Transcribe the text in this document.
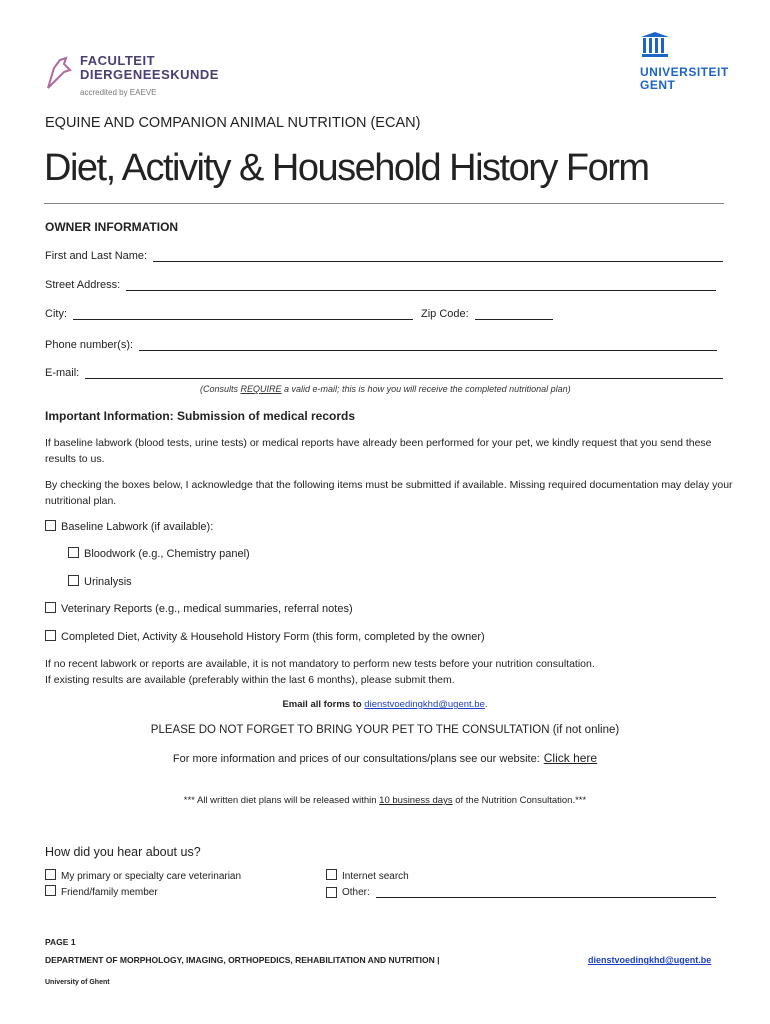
FACULTEIT
DIERGENEESKUNDE
accredited by EAEVE
UNIVERSITEIT
GENT
EQUINE AND COMPANION ANIMAL NUTRITION (ECAN)
Diet, Activity & Household History Form
OWNER INFORMATION
First and Last Name:
Street Address:
City:	Zip Code:
Phone number(s):
E-mail:
(Consults REQUIRE a valid e-mail; this is how you will receive the completed nutritional plan)
Important Information: Submission of medical records
If baseline labwork (blood tests, urine tests) or medical reports have already been performed for your pet, we kindly request that you send these results to us.
By checking the boxes below, I acknowledge that the following items must be submitted if available. Missing required documentation may delay your nutritional plan.
Baseline Labwork (if available):
Bloodwork (e.g., Chemistry panel)
Urinalysis
Veterinary Reports (e.g., medical summaries, referral notes)
Completed Diet, Activity & Household History Form (this form, completed by the owner)
If no recent labwork or reports are available, it is not mandatory to perform new tests before your nutrition consultation.
If existing results are available (preferably within the last 6 months), please submit them.
Email all forms to dienstvoedingkhd@ugent.be.
PLEASE DO NOT FORGET TO BRING YOUR PET TO THE CONSULTATION (if not online)
For more information and prices of our consultations/plans see our website: Click here
*** All written diet plans will be released within 10 business days of the Nutrition Consultation.***
How did you hear about us?
My primary or specialty care veterinarian
Friend/family member
Internet search
Other:
PAGE 1
DEPARTMENT OF MORPHOLOGY, IMAGING, ORTHOPEDICS, REHABILITATION AND NUTRITION |	dienstvoedingkhd@ugent.be
University of Ghent
